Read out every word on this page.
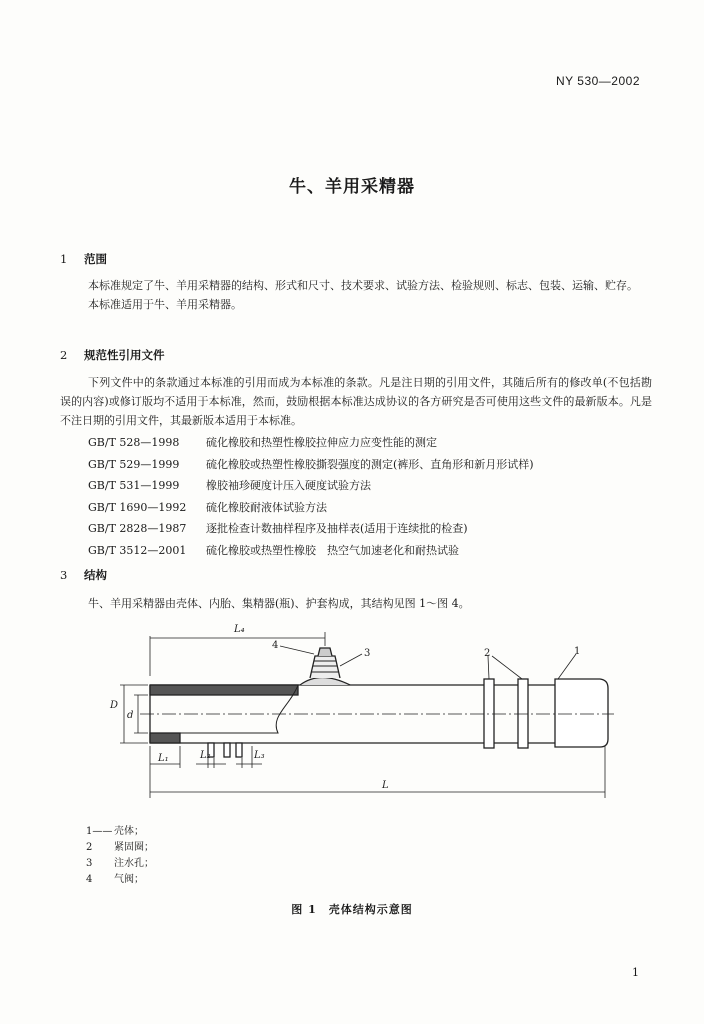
NY 530—2002
牛、羊用采精器
1 范围

本标准规定了牛、羊用采精器的结构、形式和尺寸、技术要求、试验方法、检验规则、标志、包装、运输、贮存。

本标准适用于牛、羊用采精器。

2 规范性引用文件

下列文件中的条款通过本标准的引用而成为本标准的条款。凡是注日期的引用文件，其随后所有的修改单(不包括勘误的内容)或修订版均不适用于本标准，然而，鼓励根据本标准达成协议的各方研究是否可使用这些文件的最新版本。凡是不注日期的引用文件，其最新版本适用于本标准。

GB/T 528—1998 硫化橡胶和热塑性橡胶拉伸应力应变性能的测定
GB/T 529—1999 硫化橡胶或热塑性橡胶撕裂强度的测定(裤形、直角形和新月形试样)
GB/T 531—1999 橡胶袖珍硬度计压入硬度试验方法
GB/T 1690—1992 硫化橡胶耐液体试验方法
GB/T 2828—1987 逐批检查计数抽样程序及抽样表(适用于连续批的检查)
GB/T 3512—2001 硫化橡胶或热塑性橡胶　热空气加速老化和耐热试验
3 结构

牛、羊用采精器由壳体、内胎、集精器(瓶)、护套构成，其结构见图 1～图 4。

L₄
D
d
L₁	L₂	L₃
L
4
3	2	1
1—— 壳体；
2 紧固圈；
3 注水孔；
4 气阀；
图 1　壳体结构示意图
1
